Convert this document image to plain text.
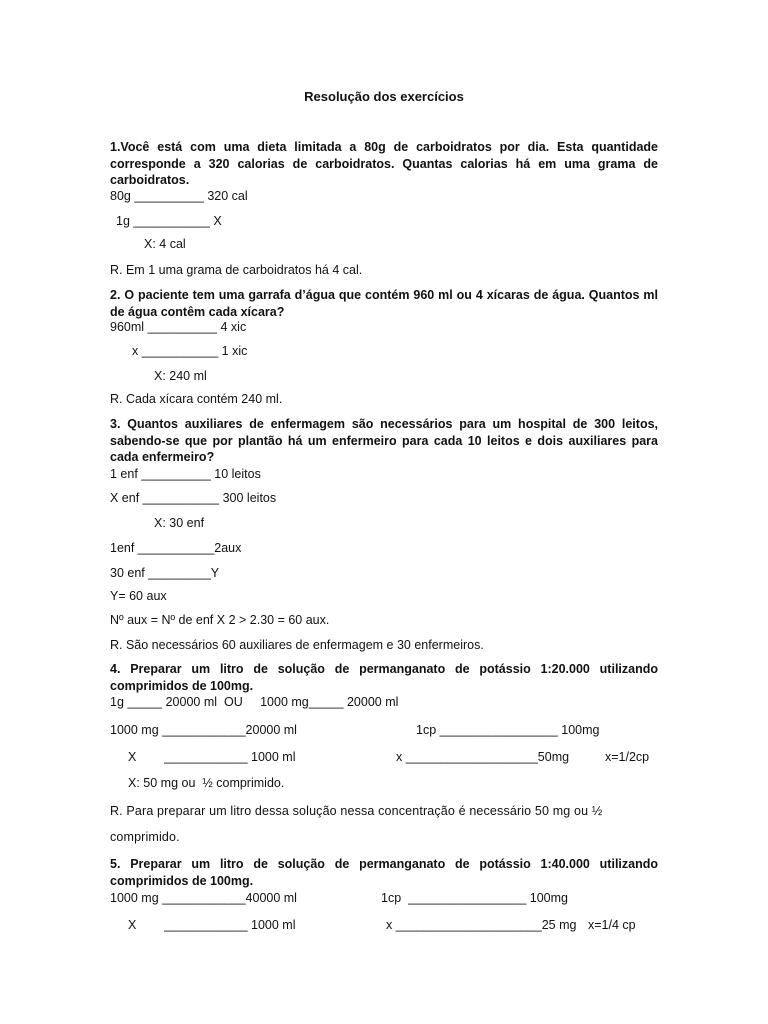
Resolução dos exercícios
1.Você está com uma dieta limitada a 80g de carboidratos por dia. Esta quantidade corresponde a 320 calorias de carboidratos. Quantas calorias há em uma grama de carboidratos.
80g __________ 320 cal
1g ___________ X
X: 4 cal
R. Em 1 uma grama de carboidratos há 4 cal.
2. O paciente tem uma garrafa d’água que contém 960 ml ou 4 xícaras de água. Quantos ml de água contêm cada xícara?
960ml __________ 4 xic
x ___________ 1 xic
X: 240 ml
R. Cada xícara contém 240 ml.
3. Quantos auxiliares de enfermagem são necessários para um hospital de 300 leitos, sabendo-se que por plantão há um enfermeiro para cada 10 leitos e dois auxiliares para cada enfermeiro?
1 enf __________ 10 leitos
X enf ___________ 300 leitos
X: 30 enf
1enf ___________2aux
30 enf _________Y
Y= 60 aux
Nº aux = Nº de enf X 2 > 2.30 = 60 aux.
R. São necessários 60 auxiliares de enfermagem e 30 enfermeiros.
4. Preparar um litro de solução de permanganato de potássio 1:20.000 utilizando comprimidos de 100mg.
1g _____ 20000 ml  OU     1000 mg_____ 20000 ml
1000 mg ____________20000 ml	1cp _________________ 100mg
X        ____________ 1000 ml	x ___________________50mg	x=1/2cp
X: 50 mg ou  ½ comprimido.
R. Para preparar um litro dessa solução nessa concentração é necessário 50 mg ou ½
comprimido.
5. Preparar um litro de solução de permanganato de potássio 1:40.000 utilizando comprimidos de 100mg.
1000 mg ____________40000 ml	1cp  _________________ 100mg
X        ____________ 1000 ml	x _____________________25 mg x=1/4 cp
